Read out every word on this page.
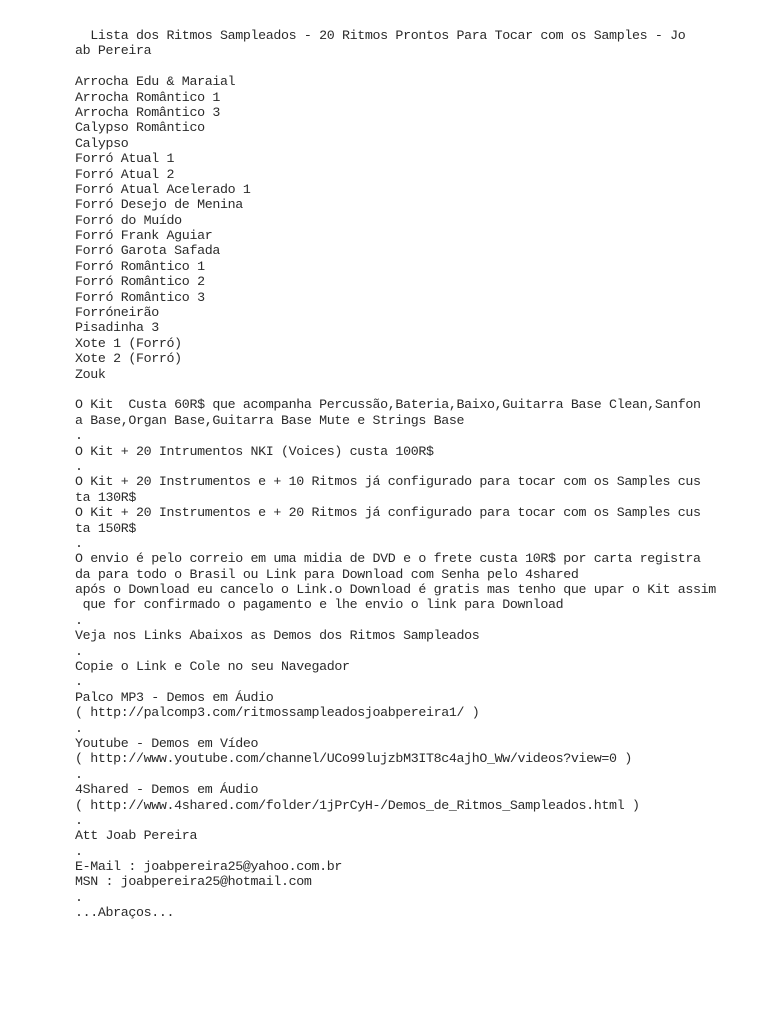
Lista dos Ritmos Sampleados - 20 Ritmos Prontos Para Tocar com os Samples - Jo
ab Pereira
Arrocha Edu & Maraial
Arrocha Romântico 1
Arrocha Romântico 3
Calypso Romântico
Calypso
Forró Atual 1
Forró Atual 2
Forró Atual Acelerado 1
Forró Desejo de Menina
Forró do Muído
Forró Frank Aguiar
Forró Garota Safada
Forró Romântico 1
Forró Romântico 2
Forró Romântico 3
Forróneirão
Pisadinha 3
Xote 1 (Forró)
Xote 2 (Forró)
Zouk
O Kit  Custa 60R$ que acompanha Percussão,Bateria,Baixo,Guitarra Base Clean,Sanfon
a Base,Organ Base,Guitarra Base Mute e Strings Base
.
O Kit + 20 Intrumentos NKI (Voices) custa 100R$
.
O Kit + 20 Instrumentos e + 10 Ritmos já configurado para tocar com os Samples cus
ta 130R$
O Kit + 20 Instrumentos e + 20 Ritmos já configurado para tocar com os Samples cus
ta 150R$
.
O envio é pelo correio em uma midia de DVD e o frete custa 10R$ por carta registra
da para todo o Brasil ou Link para Download com Senha pelo 4shared
após o Download eu cancelo o Link.o Download é gratis mas tenho que upar o Kit assim
que for confirmado o pagamento e lhe envio o link para Download
.
Veja nos Links Abaixos as Demos dos Ritmos Sampleados
.
Copie o Link e Cole no seu Navegador
.
Palco MP3 - Demos em Áudio
( http://palcomp3.com/ritmossampleadosjoabpereira1/ )
.
Youtube - Demos em Vídeo
( http://www.youtube.com/channel/UCo99lujzbM3IT8c4ajhO_Ww/videos?view=0 )
.
4Shared - Demos em Áudio
( http://www.4shared.com/folder/1jPrCyH-/Demos_de_Ritmos_Sampleados.html )
.
Att Joab Pereira
.
E-Mail : joabpereira25@yahoo.com.br
MSN : joabpereira25@hotmail.com
.
...Abraços...
